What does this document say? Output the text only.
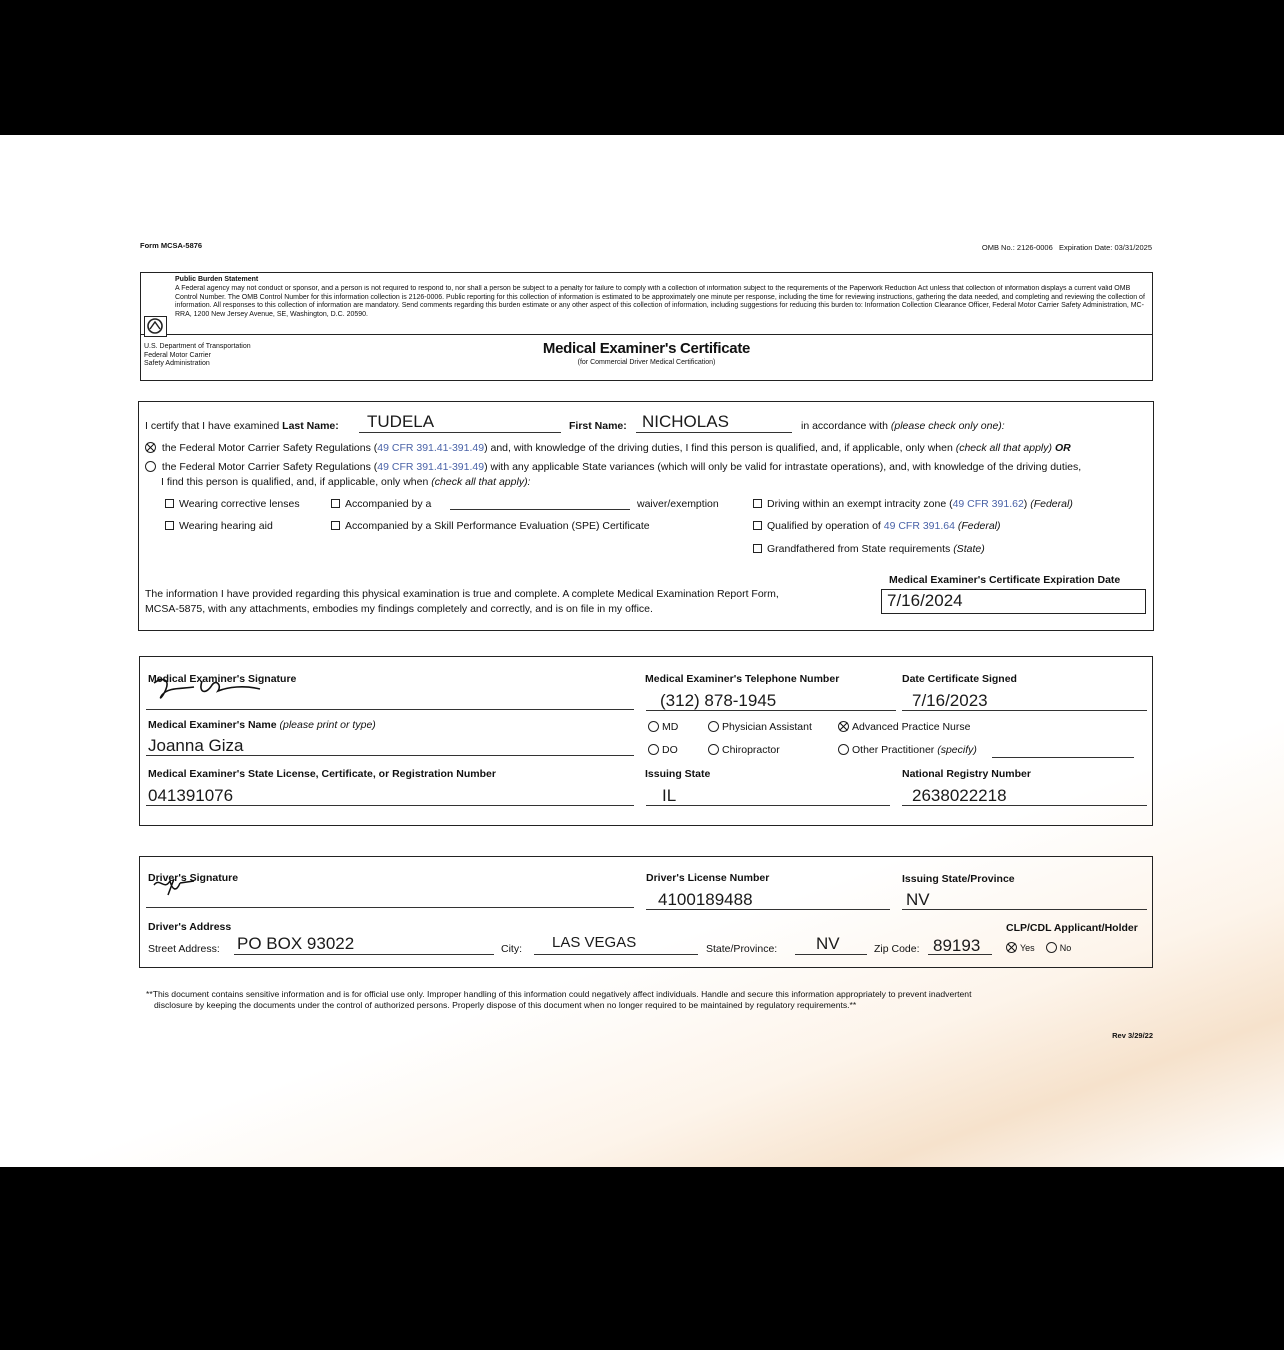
Form MCSA-5876	OMB No.: 2126-0006   Expiration Date: 03/31/2025
Public Burden Statement
A Federal agency may not conduct or sponsor, and a person is not required to respond to, nor shall a person be subject to a penalty for failure to comply with a collection of information subject to the requirements of the Paperwork Reduction Act unless that collection of information displays a current valid OMB Control Number. The OMB Control Number for this information collection is 2126-0006. Public reporting for this collection of information is estimated to be approximately one minute per response, including the time for reviewing instructions, gathering the data needed, and completing and reviewing the collection of information. All responses to this collection of information are mandatory. Send comments regarding this burden estimate or any other aspect of this collection of information, including suggestions for reducing this burden to: Information Collection Clearance Officer, Federal Motor Carrier Safety Administration, MC-RRA, 1200 New Jersey Avenue, SE, Washington, D.C. 20590.
U.S. Department of Transportation
Federal Motor Carrier
Safety Administration
Medical Examiner's Certificate
(for Commercial Driver Medical Certification)
I certify that I have examined Last Name: TUDELA	First Name: NICHOLAS	in accordance with (please check only one):
the Federal Motor Carrier Safety Regulations (49 CFR 391.41-391.49) and, with knowledge of the driving duties, I find this person is qualified, and, if applicable, only when (check all that apply) OR
the Federal Motor Carrier Safety Regulations (49 CFR 391.41-391.49) with any applicable State variances (which will only be valid for intrastate operations), and, with knowledge of the driving duties,
I find this person is qualified, and, if applicable, only when (check all that apply):
Wearing corrective lenses
Wearing hearing aid
Accompanied by a	waiver/exemption
Accompanied by a Skill Performance Evaluation (SPE) Certificate
Driving within an exempt intracity zone (49 CFR 391.62) (Federal)
Qualified by operation of 49 CFR 391.64 (Federal)
Grandfathered from State requirements (State)
The information I have provided regarding this physical examination is true and complete. A complete Medical Examination Report Form,
MCSA-5875, with any attachments, embodies my findings completely and correctly, and is on file in my office.
Medical Examiner's Certificate Expiration Date
7/16/2024
Medical Examiner's Signature	Medical Examiner's Telephone Number
(312) 878-1945
Date Certificate Signed
7/16/2023
Medical Examiner's Name (please print or type)
Joanna Giza
MD	Physician Assistant	Advanced Practice Nurse
DO	Chiropractor	Other Practitioner (specify)
Medical Examiner's State License, Certificate, or Registration Number
041391076
Issuing State
IL
National Registry Number
2638022218
Driver's Signature	Driver's License Number
4100189488
Issuing State/Province
NV
Driver's Address
Street Address: PO BOX 93022	City: LAS VEGAS	State/Province: NV	Zip Code: 89193
CLP/CDL Applicant/Holder
Yes	No
**This document contains sensitive information and is for official use only. Improper handling of this information could negatively affect individuals. Handle and secure this information appropriately to prevent inadvertent
disclosure by keeping the documents under the control of authorized persons. Properly dispose of this document when no longer required to be maintained by regulatory requirements.**
Rev 3/29/22
